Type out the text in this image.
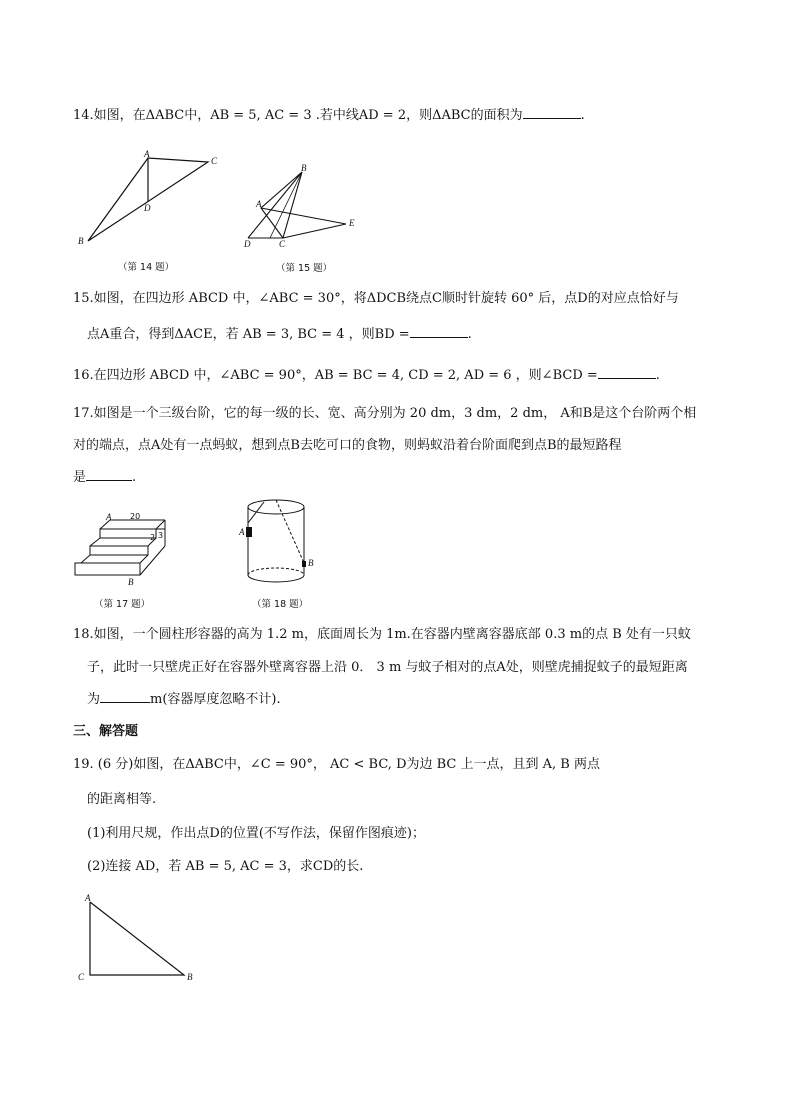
14.如图，在ΔABC中，AB = 5, AC = 3 .若中线AD = 2，则ΔABC的面积为	.
A
C
D
B
（第 14 题）
B
A
E
D	C
（第 15 题）
15.如图，在四边形 ABCD 中，∠ABC = 30°，将ΔDCB绕点C顺时针旋转 60° 后，点D的对应点恰好与
点A重合，得到ΔACE，若 AB = 3, BC = 4 ，则BD =	.
16.在四边形 ABCD 中，∠ABC = 90°，AB = BC = 4, CD = 2, AD = 6 ，则∠BCD =	.
17.如图是一个三级台阶，它的每一级的长、宽、高分别为 20 dm，3 dm，2 dm， A和B是这个台阶两个相
对的端点，点A处有一点蚂蚁，想到点B去吃可口的食物，则蚂蚁沿着台阶面爬到点B的最短路程
是	.
A 20
2 3
B
（第 17 题）
A
B
（第 18 题）
18.如图，一个圆柱形容器的高为 1.2 m，底面周长为 1m.在容器内壁离容器底部 0.3 m的点 B 处有一只蚊
子，此时一只壁虎正好在容器外壁离容器上沿 0． 3 m 与蚊子相对的点A处，则壁虎捕捉蚊子的最短距离
为	m(容器厚度忽略不计).
三、解答题
19. (6 分)如图，在ΔABC中，∠C = 90°， AC < BC, D为边 BC 上一点，且到 A, B 两点
的距离相等.
(1)利用尺规，作出点D的位置(不写作法，保留作图痕迹)；
(2)连接 AD，若 AB = 5, AC = 3，求CD的长.
A
C	B
